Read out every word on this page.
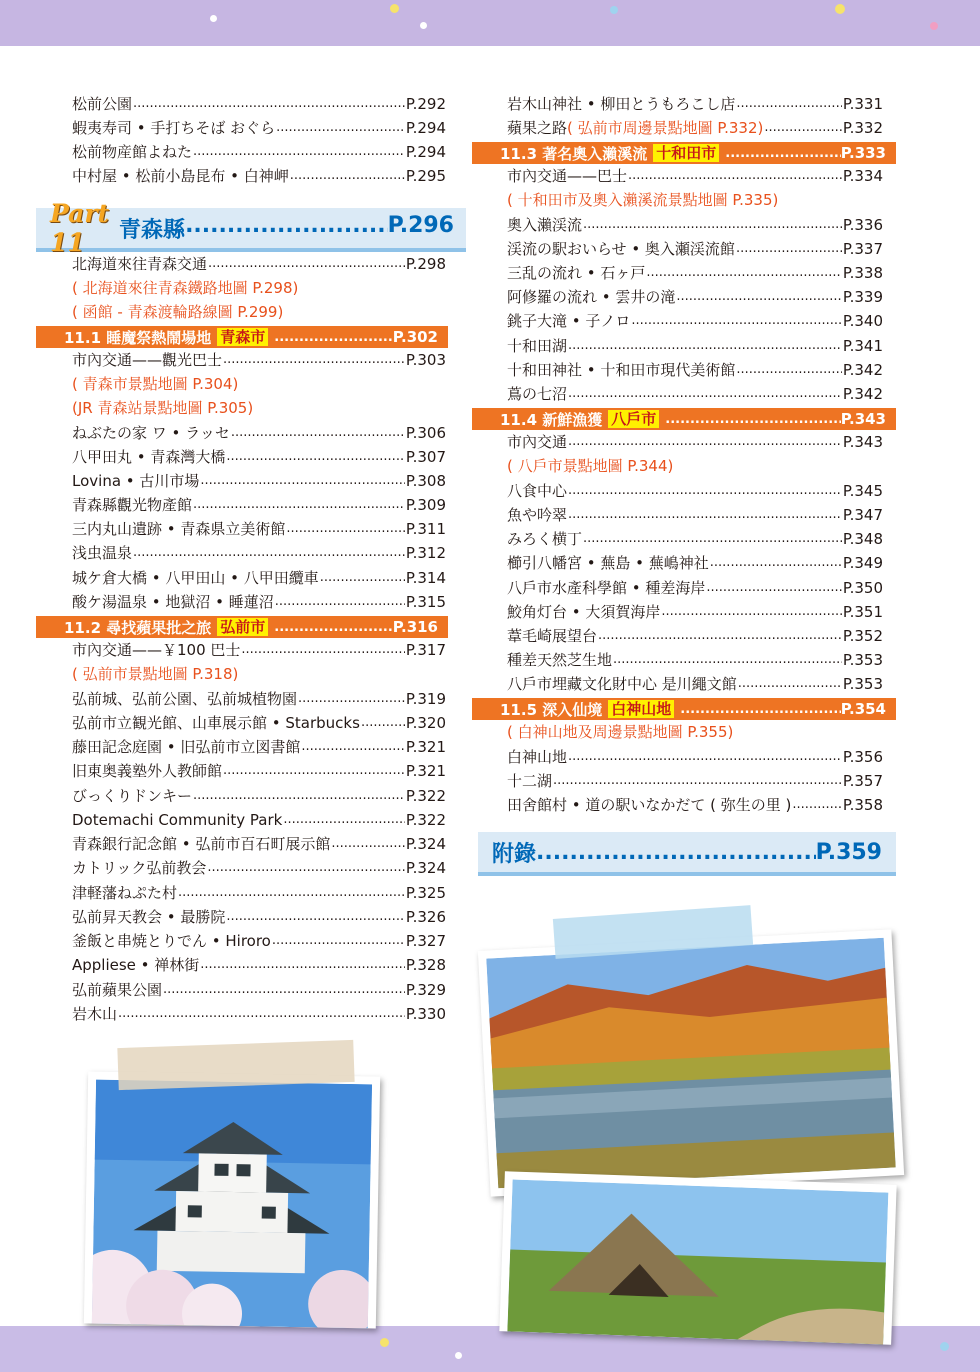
松前公園 .....	P.292
蝦夷寿司 • 手打ちそば おぐら .....	P.294
松前物産館よねた .....	P.294
中村屋 • 松前小島昆布 • 白神岬 .....	P.295
Part 11	青森縣 .....	P.296
北海道來往青森交通 .....	P.298
( 北海道來往青森鐵路地圖 P.298)
( 函館 - 青森渡輪路線圖 P.299)
11.1 睡魔祭熱鬧場地 青森市 .....	P.302
市內交通——觀光巴士 .....	P.303
( 青森市景點地圖 P.304)
(JR 青森站景點地圖 P.305)
ねぶたの家 ワ • ラッセ .....	P.306
八甲田丸 • 青森灣大橋 .....	P.307
Lovina • 古川市場 .....	P.308
青森縣觀光物產館 .....	P.309
三内丸山遺跡 • 青森県立美術館 .....	P.311
浅虫温泉 .....	P.312
城ケ倉大橋 • 八甲田山 • 八甲田纜車 .....	P.314
酸ケ湯温泉 • 地獄沼 • 睡蓮沼 .....	P.315
11.2 尋找蘋果批之旅 弘前市 .....	P.316
市內交通——￥100 巴士 .....	P.317
( 弘前市景點地圖 P.318)
弘前城、弘前公園、弘前城植物園 .....	P.319
弘前市立観光館、山車展示館 • Starbucks .....	P.320
藤田記念庭園 • 旧弘前市立図書館 .....	P.321
旧東奥義塾外人教師館 .....	P.321
びっくりドンキー .....	P.322
Dotemachi Community Park .....	P.322
青森銀行記念館 • 弘前市百石町展示館 .....	P.324
カトリック弘前教会 .....	P.324
津軽藩ねぷた村 .....	P.325
弘前昇天教会 • 最勝院 .....	P.326
釜飯と串焼とりでん • Hiroro .....	P.327
Appliese • 禅林街 .....	P.328
弘前蘋果公園 .....	P.329
岩木山 .....	P.330
岩木山神社 • 柳田とうもろこし店 .....	P.331
蘋果之路 ( 弘前市周邊景點地圖 P.332) .....	P.332
11.3 著名奧入瀨溪流 十和田市 .....	P.333
市內交通——巴士 .....	P.334
( 十和田市及奧入瀨溪流景點地圖 P.335)
奧入瀨渓流 .....	P.336
渓流の駅おいらせ • 奥入瀬渓流館 .....	P.337
三乱の流れ • 石ヶ戸 .....	P.338
阿修羅の流れ • 雲井の滝 .....	P.339
銚子大滝 • 子ノロ .....	P.340
十和田湖 .....	P.341
十和田神社 • 十和田市現代美術館 .....	P.342
蔦の七沼 .....	P.342
11.4 新鮮漁獲 八戶市 .....	P.343
市內交通 .....	P.343
( 八戶市景點地圖 P.344)
八食中心 .....	P.345
魚や吟翠 .....	P.347
みろく横丁 .....	P.348
櫛引八幡宮 • 蕪島 • 蕪嶋神社 .....	P.349
八戶市水產科學館 • 種差海岸 .....	P.350
鮫角灯台 • 大須賀海岸 .....	P.351
葦毛崎展望台 .....	P.352
種差天然芝生地 .....	P.353
八戶市埋藏文化財中心 是川繩文館 .....	P.353
11.5 深入仙境 白神山地 .....	P.354
( 白神山地及周邊景點地圖 P.355)
白神山地 .....	P.356
十二湖 .....	P.357
田舍館村 • 道の駅いなかだて ( 弥生の里 ) .....	P.358
附錄 .....	P.359
